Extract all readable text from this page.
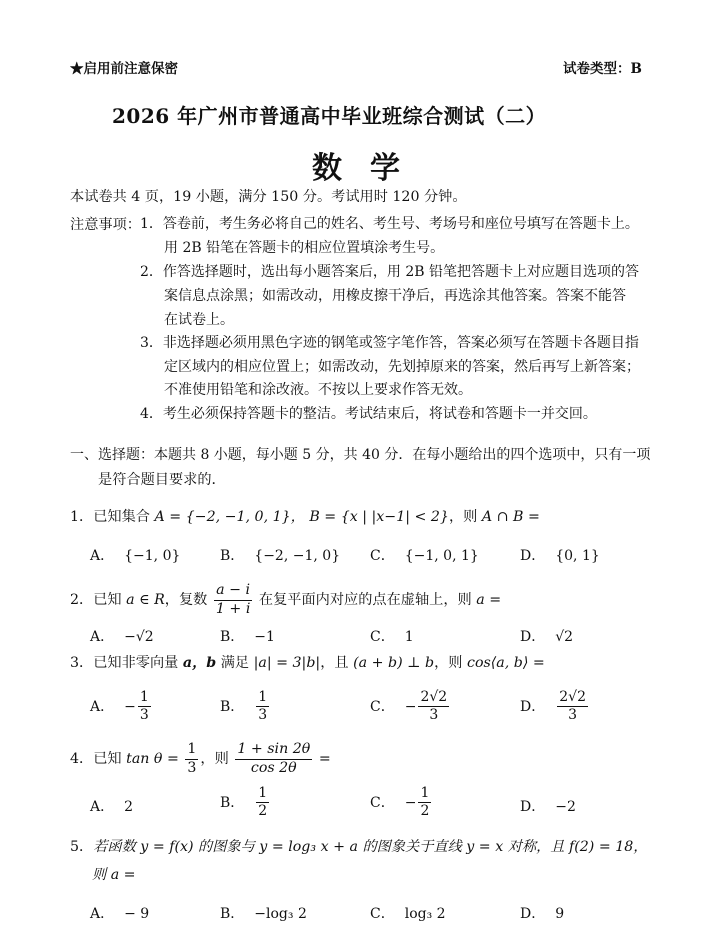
★启用前注意保密	试卷类型：B
2026 年广州市普通高中毕业班综合测试（二）
数学
本试卷共 4 页，19 小题，满分 150 分。考试用时 120 分钟。
注意事项： 1．答卷前，考生务必将自己的姓名、考生号、考场号和座位号填写在答题卡上。
用 2B 铅笔在答题卡的相应位置填涂考生号。
2．作答选择题时，选出每小题答案后，用 2B 铅笔把答题卡上对应题目选项的答
案信息点涂黑；如需改动，用橡皮擦干净后，再选涂其他答案。答案不能答
在试卷上。
3．非选择题必须用黑色字迹的钢笔或签字笔作答，答案必须写在答题卡各题目指
定区域内的相应位置上；如需改动，先划掉原来的答案，然后再写上新答案；
不准使用铅笔和涂改液。不按以上要求作答无效。
4．考生必须保持答题卡的整洁。考试结束后，将试卷和答题卡一并交回。
一、选择题：本题共 8 小题，每小题 5 分，共 40 分．在每小题给出的四个选项中，只有一项
是符合题目要求的．
1．已知集合 A = {−2, −1, 0, 1}， B = {x | |x−1| < 2}，则 A ∩ B =
A． {−1, 0}	B． {−2, −1, 0} C． {−1, 0, 1}	D． {0, 1}
2．已知 a ∈ R，复数 $\frac{a - i}{1 + i}$ 在复平面内对应的点在虚轴上，则 a =
A． −√2	B． −1	C． 1	D． √2
3．已知非零向量 a，b 满足 |a| = 3|b|，且 (a + b) ⊥ b，则 cos⟨a, b⟩ =
A． − $\frac{1}{3}$	B． $\frac{1}{3}$	C． − $\frac{2√2}{3}$	D． $\frac{2√2}{3}$
4．已知 $\tan \theta = \frac{1}{3}$ ，则 $\frac{1 + \sin 2\theta}{\cos 2\theta}$ =
A． 2	B． $\frac{1}{2}$	C． − $\frac{1}{2}$	D． −2
5．若函数 y = f(x) 的图象与 y = log₃ x + a 的图象关于直线 y = x 对称，且 f(2) = 18，
则 a =
A． − 9	B． −log₃ 2	C． log₃ 2	D． 9
